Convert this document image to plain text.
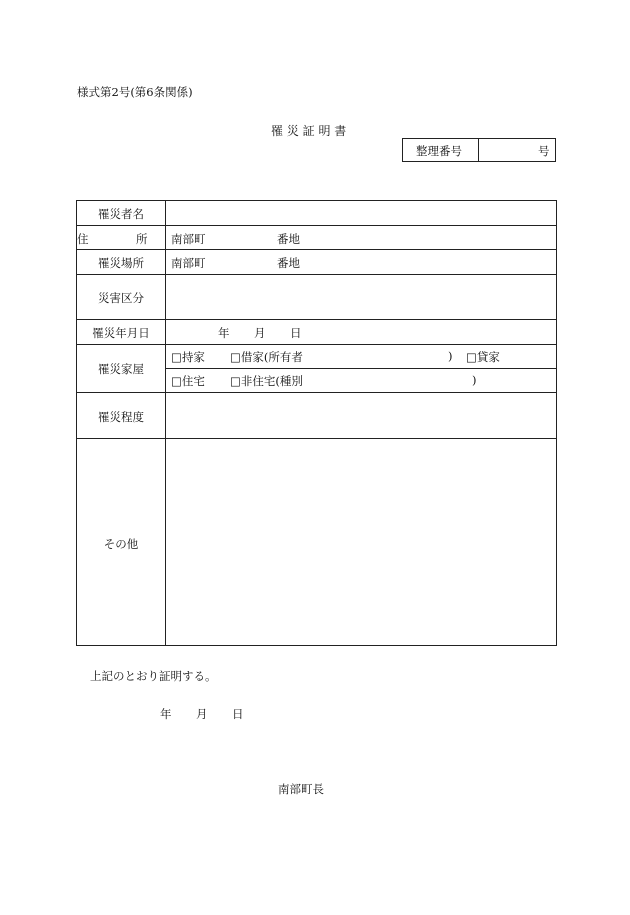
様式第2号(第6条関係)
罹 災 証 明 書
整理番号	号
罹災者名
住　所 南部町	番地
罹災場所	南部町	番地
災害区分
罹災年月日	年 月 日
罹災家屋
□持家 □借家(所有者	) □貸家
□住宅 □非住宅(種別	)
罹災程度
その他
上記のとおり証明する。
年 月 日
南部町長
